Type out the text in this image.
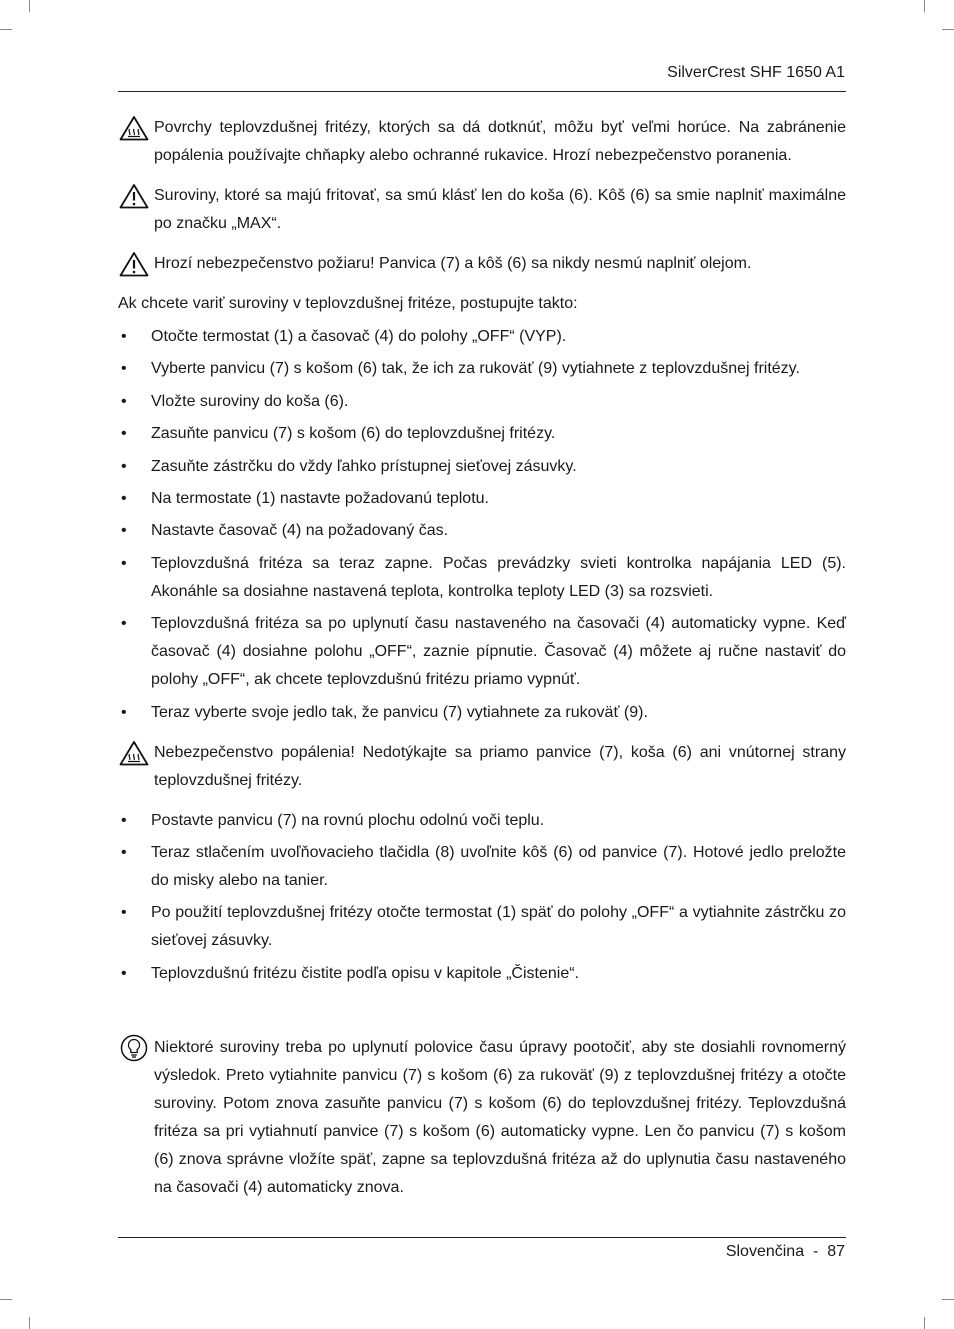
SilverCrest SHF 1650 A1
Povrchy teplovzdušnej fritézy, ktorých sa dá dotknúť, môžu byť veľmi horúce. Na zabránenie popálenia používajte chňapky alebo ochranné rukavice. Hrozí nebezpečenstvo poranenia.
Suroviny, ktoré sa majú fritovať, sa smú klásť len do koša (6). Kôš (6) sa smie naplniť maximálne po značku „MAX“.
Hrozí nebezpečenstvo požiaru! Panvica (7) a kôš (6) sa nikdy nesmú naplniť olejom.
Ak chcete variť suroviny v teplovzdušnej fritéze, postupujte takto:
• Otočte termostat (1) a časovač (4) do polohy „OFF“ (VYP).
• Vyberte panvicu (7) s košom (6) tak, že ich za rukoväť (9) vytiahnete z teplovzdušnej fritézy.
• Vložte suroviny do koša (6).
• Zasuňte panvicu (7) s košom (6) do teplovzdušnej fritézy.
• Zasuňte zástrčku do vždy ľahko prístupnej sieťovej zásuvky.
• Na termostate (1) nastavte požadovanú teplotu.
• Nastavte časovač (4) na požadovaný čas.
• Teplovzdušná fritéza sa teraz zapne. Počas prevádzky svieti kontrolka napájania LED (5). Akonáhle sa dosiahne nastavená teplota, kontrolka teploty LED (3) sa rozsvieti.
• Teplovzdušná fritéza sa po uplynutí času nastaveného na časovači (4) automaticky vypne. Keď časovač (4) dosiahne polohu „OFF“, zaznie pípnutie. Časovač (4) môžete aj ručne nastaviť do polohy „OFF“, ak chcete teplovzdušnú fritézu priamo vypnúť.
• Teraz vyberte svoje jedlo tak, že panvicu (7) vytiahnete za rukoväť (9).
Nebezpečenstvo popálenia! Nedotýkajte sa priamo panvice (7), koša (6) ani vnútornej strany teplovzdušnej fritézy.
• Postavte panvicu (7) na rovnú plochu odolnú voči teplu.
• Teraz stlačením uvoľňovacieho tlačidla (8) uvoľnite kôš (6) od panvice (7). Hotové jedlo preložte do misky alebo na tanier.
• Po použití teplovzdušnej fritézy otočte termostat (1) späť do polohy „OFF“ a vytiahnite zástrčku zo sieťovej zásuvky.
• Teplovzdušnú fritézu čistite podľa opisu v kapitole „Čistenie“.
Niektoré suroviny treba po uplynutí polovice času úpravy pootočiť, aby ste dosiahli rovnomerný výsledok. Preto vytiahnite panvicu (7) s košom (6) za rukoväť (9) z teplovzdušnej fritézy a otočte suroviny. Potom znova zasuňte panvicu (7) s košom (6) do teplovzdušnej fritézy. Teplovzdušná fritéza sa pri vytiahnutí panvice (7) s košom (6) automaticky vypne. Len čo panvicu (7) s košom (6) znova správne vložíte späť, zapne sa teplovzdušná fritéza až do uplynutia času nastaveného na časovači (4) automaticky znova.
Slovenčina  -  87
